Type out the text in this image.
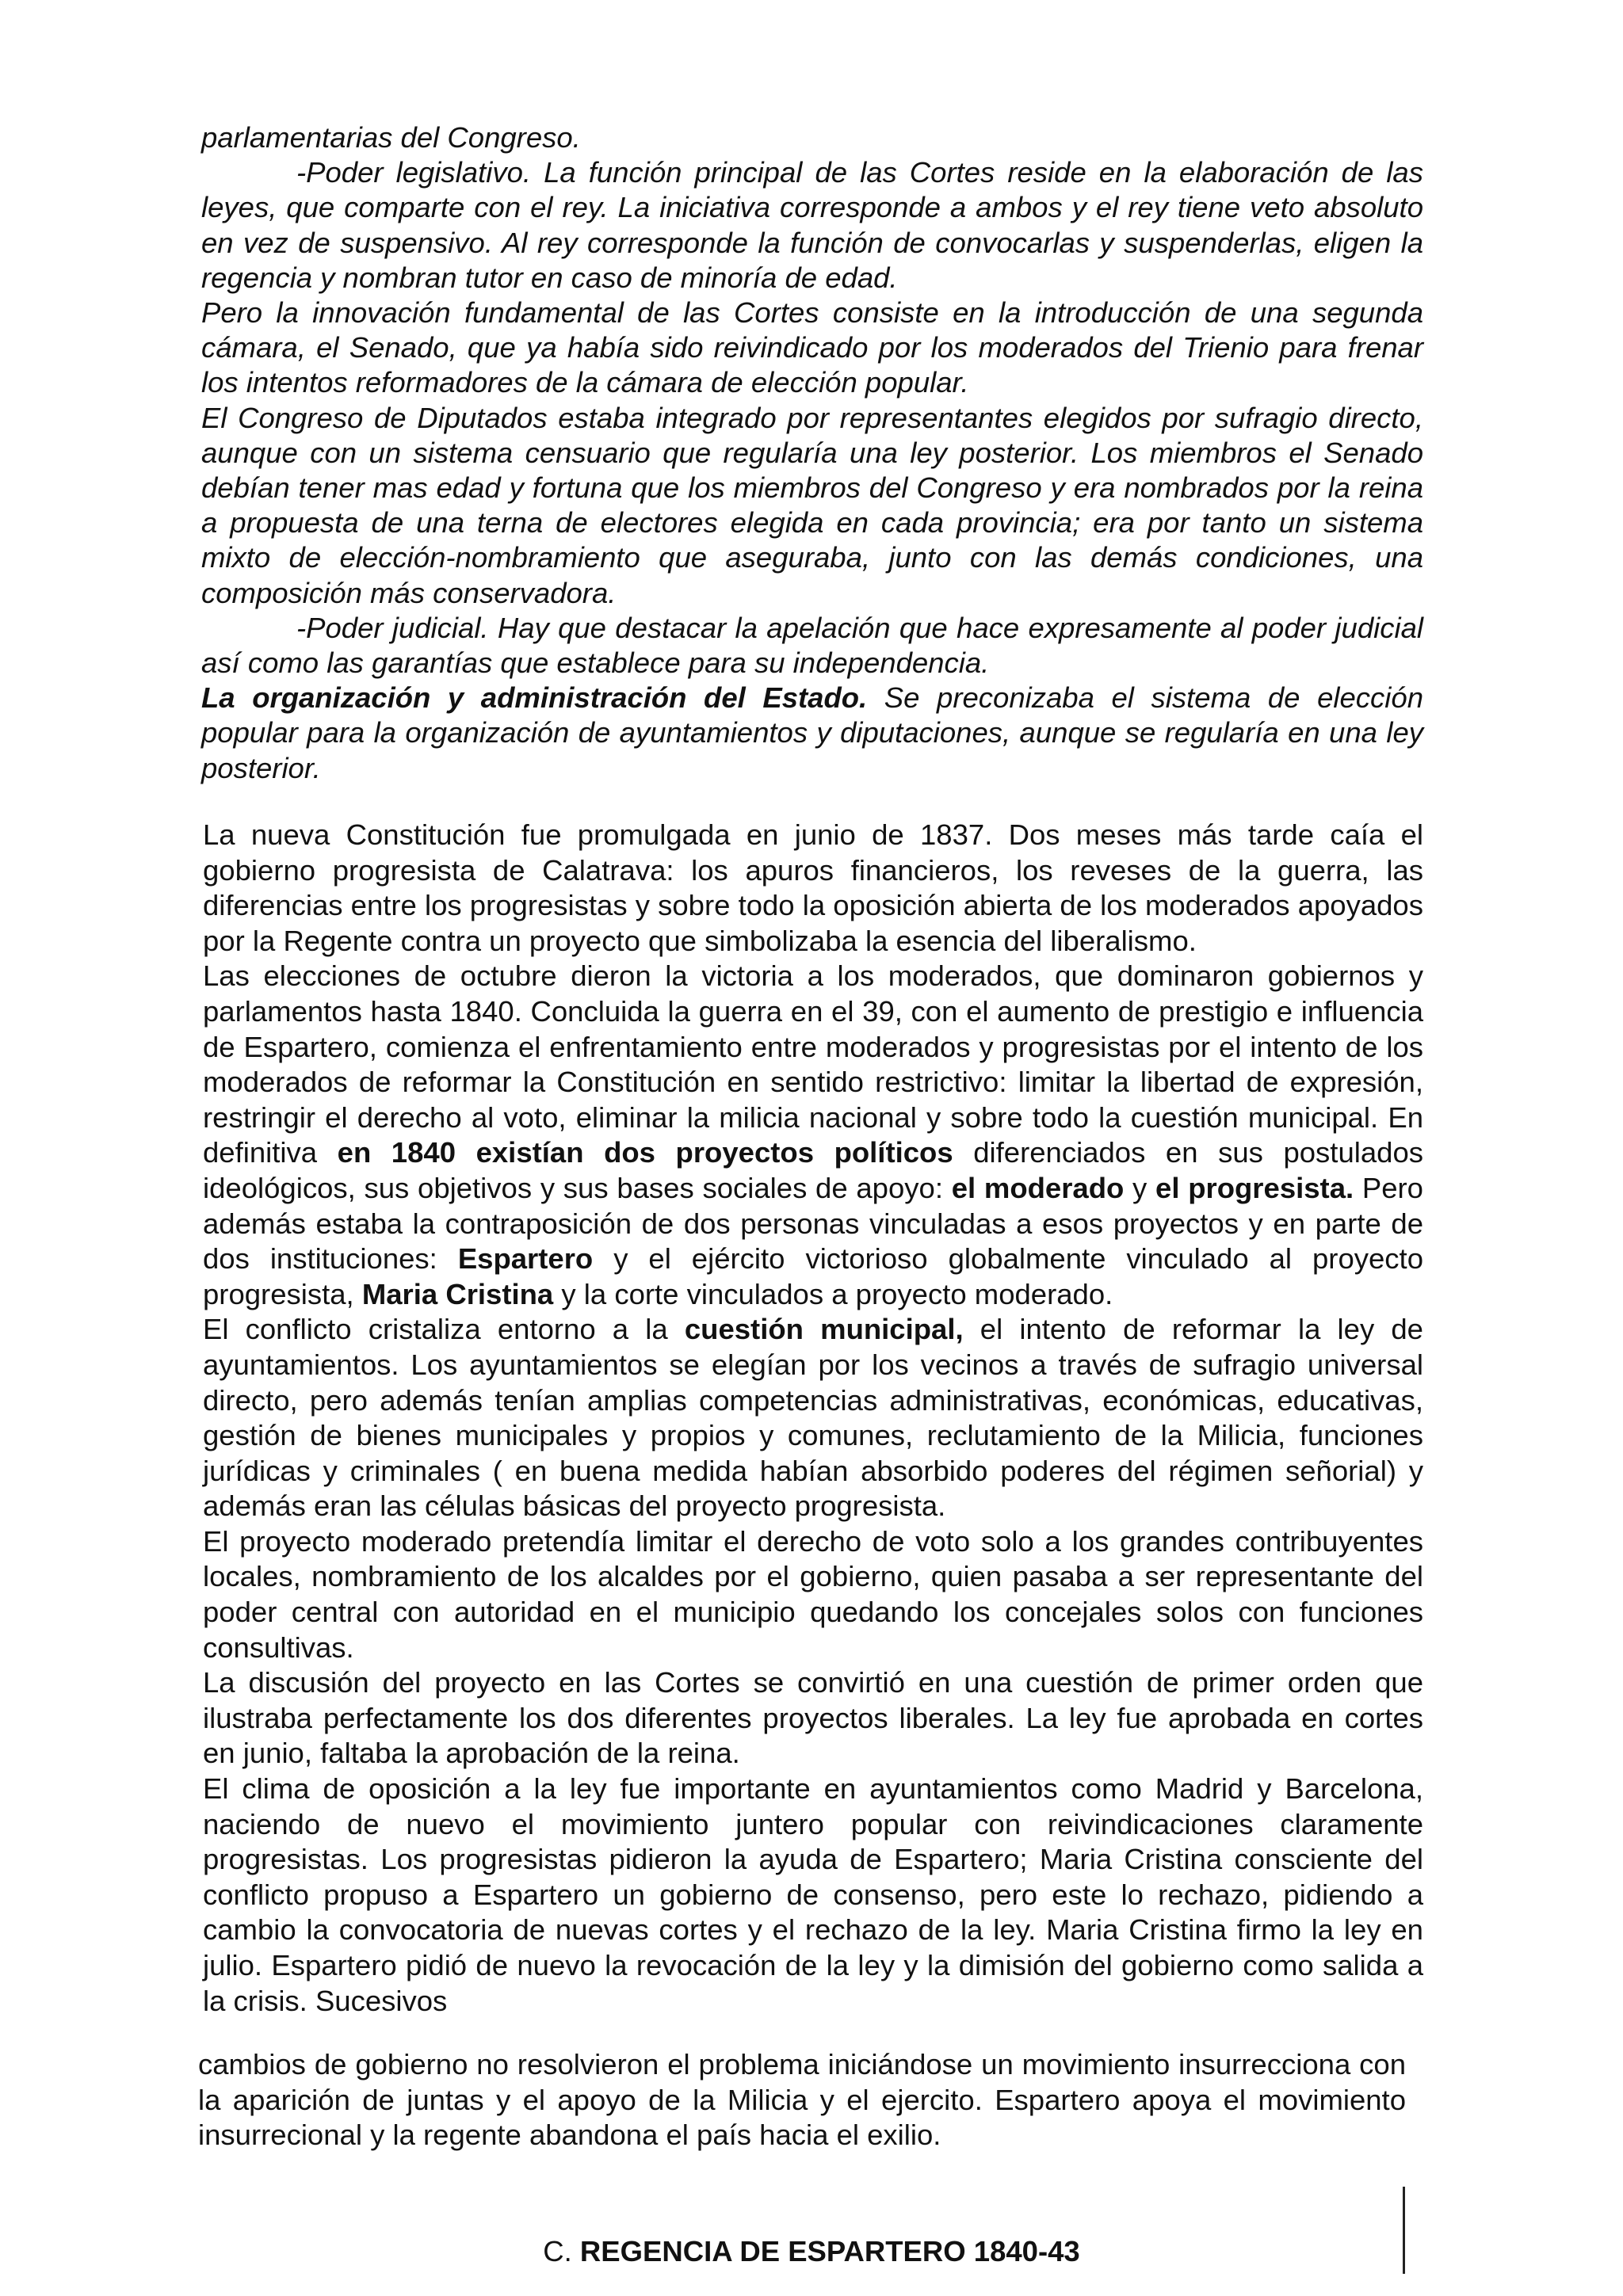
parlamentarias del Congreso.

-Poder legislativo. La función principal de las Cortes reside en la elaboración de las leyes, que comparte con el rey. La iniciativa corresponde a ambos y el rey tiene veto absoluto en vez de suspensivo. Al rey corresponde la función de convocarlas y suspenderlas, eligen la regencia y nombran tutor en caso de minoría de edad.

Pero la innovación fundamental de las Cortes consiste en la introducción de una segunda cámara, el Senado, que ya había sido reivindicado por los moderados del Trienio para frenar los intentos reformadores de la cámara de elección popular.

El Congreso de Diputados estaba integrado por representantes elegidos por sufragio directo, aunque con un sistema censuario que regularía una ley posterior. Los miembros el Senado debían tener mas edad y fortuna que los miembros del Congreso y era nombrados por la reina a propuesta de una terna de electores elegida en cada provincia; era por tanto un sistema mixto de elección-nombramiento que aseguraba, junto con las demás condiciones, una composición más conservadora.

-Poder judicial. Hay que destacar la apelación que hace expresamente al poder judicial así como las garantías que establece para su independencia.

La organización y administración del Estado. Se preconizaba el sistema de elección popular para la organización de ayuntamientos y diputaciones, aunque se regularía en una ley posterior.

La nueva Constitución fue promulgada en junio de 1837. Dos meses más tarde caía el gobierno progresista de Calatrava: los apuros financieros, los reveses de la guerra, las diferencias entre los progresistas y sobre todo la oposición abierta de los moderados apoyados por la Regente contra un proyecto que simbolizaba la esencia del liberalismo.

Las elecciones de octubre dieron la victoria a los moderados, que dominaron gobiernos y parlamentos hasta 1840. Concluida la guerra en el 39, con el aumento de prestigio e influencia de Espartero, comienza el enfrentamiento entre moderados y progresistas por el intento de los moderados de reformar la Constitución en sentido restrictivo: limitar la libertad de expresión, restringir el derecho al voto, eliminar la milicia nacional y sobre todo la cuestión municipal. En definitiva en 1840 existían dos proyectos políticos diferenciados en sus postulados ideológicos, sus objetivos y sus bases sociales de apoyo: el moderado y el progresista. Pero además estaba la contraposición de dos personas vinculadas a esos proyectos y en parte de dos instituciones: Espartero y el ejército victorioso globalmente vinculado al proyecto progresista, Maria Cristina y la corte vinculados a proyecto moderado.

El conflicto cristaliza entorno a la cuestión municipal, el intento de reformar la ley de ayuntamientos. Los ayuntamientos se elegían por los vecinos a través de sufragio universal directo, pero además tenían amplias competencias administrativas, económicas, educativas, gestión de bienes municipales y propios y comunes, reclutamiento de la Milicia, funciones jurídicas y criminales ( en buena medida habían absorbido poderes del régimen señorial) y además eran las células básicas del proyecto progresista.

El proyecto moderado pretendía limitar el derecho de voto solo a los grandes contribuyentes locales, nombramiento de los alcaldes por el gobierno, quien pasaba a ser representante del poder central con autoridad en el municipio quedando los concejales solos con funciones consultivas.

La discusión del proyecto en las Cortes se convirtió en una cuestión de primer orden que ilustraba perfectamente los dos diferentes proyectos liberales. La ley fue aprobada en cortes en junio, faltaba la aprobación de la reina.

El clima de oposición a la ley fue importante en ayuntamientos como Madrid y Barcelona, naciendo de nuevo el movimiento juntero popular con reivindicaciones claramente progresistas. Los progresistas pidieron la ayuda de Espartero; Maria Cristina consciente del conflicto propuso a Espartero un gobierno de consenso, pero este lo rechazo, pidiendo a cambio la convocatoria de nuevas cortes y el rechazo de la ley. Maria Cristina firmo la ley en julio. Espartero pidió de nuevo la revocación de la ley y la dimisión del gobierno como salida a la crisis. Sucesivos

cambios de gobierno no resolvieron el problema iniciándose un movimiento insurrecciona con la aparición de juntas y el apoyo de la Milicia y el ejercito. Espartero apoya el movimiento insurrecional y la regente abandona el país hacia el exilio.

C. REGENCIA DE ESPARTERO 1840-43
